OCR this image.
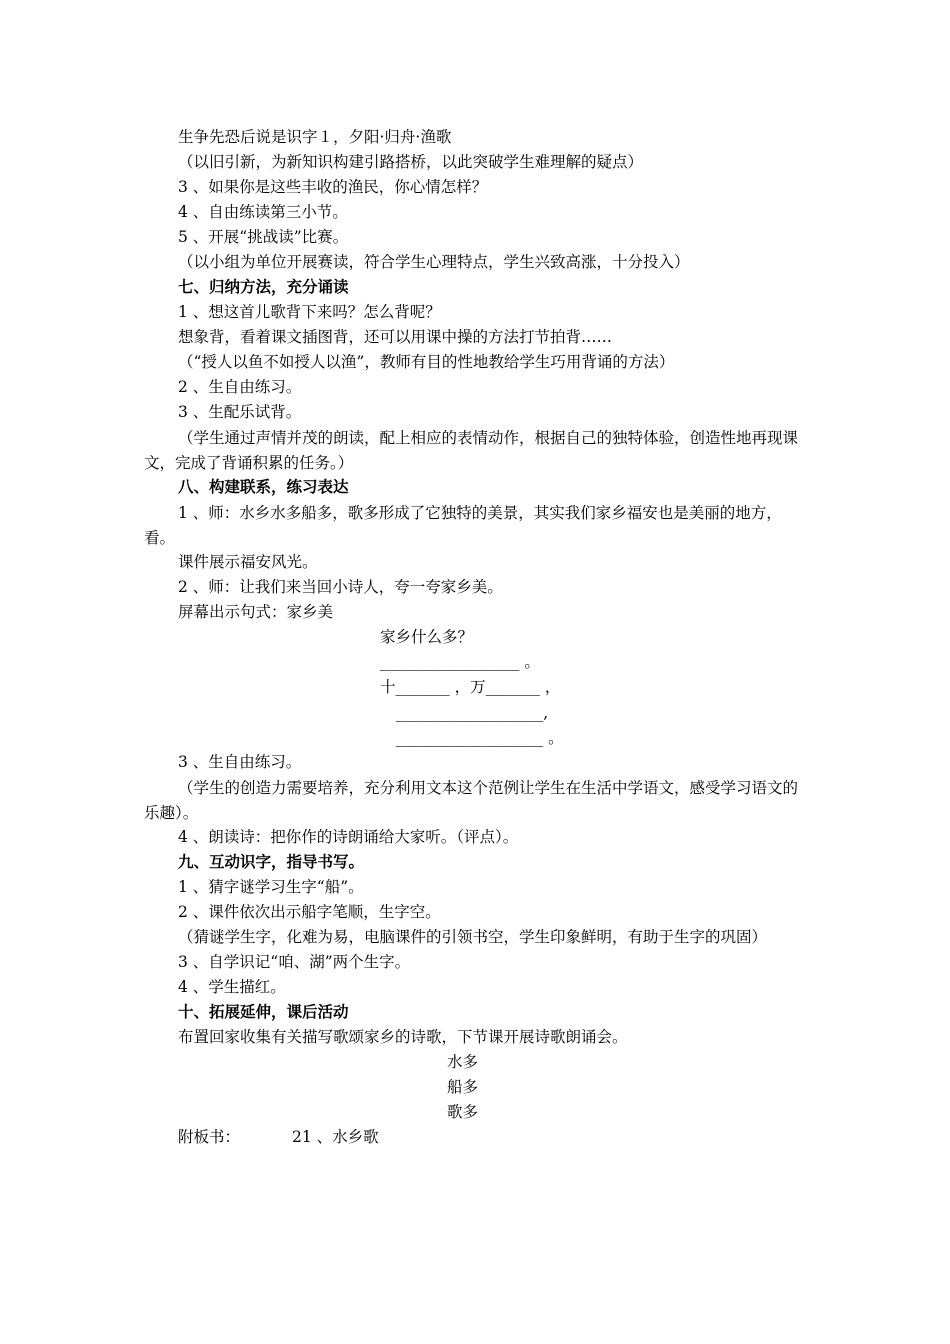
生争先恐后说是识字１，夕阳·归舟·渔歌
（以旧引新，为新知识构建引路搭桥，以此突破学生难理解的疑点）
3 、如果你是这些丰收的渔民，你心情怎样？
4 、自由练读第三小节。
5 、开展“挑战读”比赛。
（以小组为单位开展赛读，符合学生心理特点，学生兴致高涨，十分投入）
七、归纳方法，充分诵读
1 、想这首儿歌背下来吗？怎么背呢？
想象背，看着课文插图背，还可以用课中操的方法打节拍背……
（“授人以鱼不如授人以渔”，教师有目的性地教给学生巧用背诵的方法）
2 、生自由练习。
3 、生配乐试背。
（学生通过声情并茂的朗读，配上相应的表情动作，根据自己的独特体验，创造性地再现课文，完成了背诵积累的任务。）
八、构建联系，练习表达
1 、师：水乡水多船多，歌多形成了它独特的美景，其实我们家乡福安也是美丽的地方，看。
课件展示福安风光。
2 、师：让我们来当回小诗人，夸一夸家乡美。
屏幕出示句式：家乡美
家乡什么多？
__________________ 。
十_______ ，万_______ ，
___________________,
___________________ 。
3 、生自由练习。
（学生的创造力需要培养，充分利用文本这个范例让学生在生活中学语文，感受学习语文的乐趣）。
4 、朗读诗：把你作的诗朗诵给大家听。（评点）。
九、互动识字，指导书写。
1 、猜字谜学习生字“船”。
2 、课件依次出示船字笔顺，生字空。
（猜谜学生字，化难为易，电脑课件的引领书空，学生印象鲜明，有助于生字的巩固）
3 、自学识记“咱、湖”两个生字。
4 、学生描红。
十、拓展延伸，课后活动
布置回家收集有关描写歌颂家乡的诗歌，下节课开展诗歌朗诵会。
水多
船多
歌多
附板书：	21 、水乡歌
